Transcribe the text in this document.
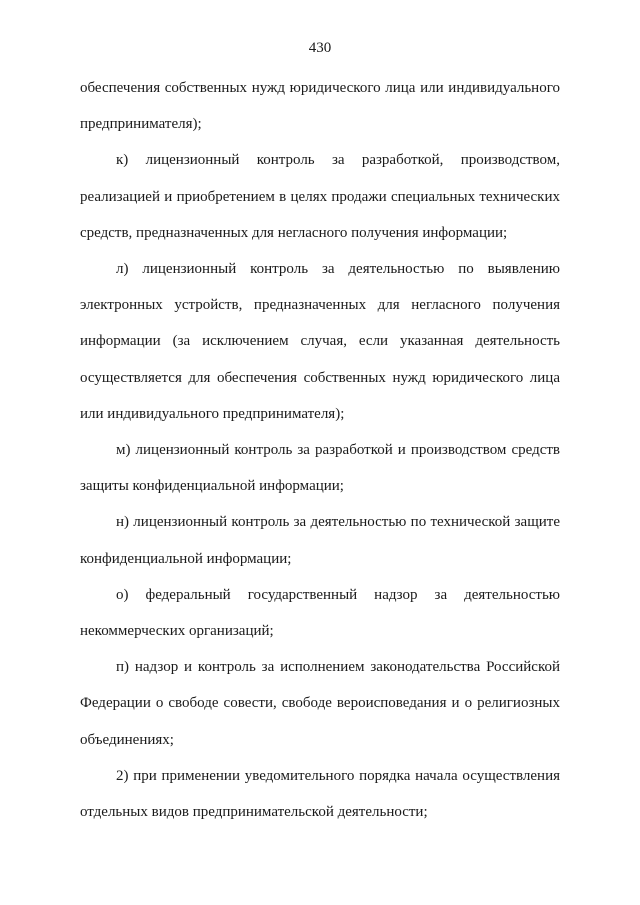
430

обеспечения собственных нужд юридического лица или индивидуального предпринимателя);

к) лицензионный контроль за разработкой, производством, реализацией и приобретением в целях продажи специальных технических средств, предназначенных для негласного получения информации;

л) лицензионный контроль за деятельностью по выявлению электронных устройств, предназначенных для негласного получения информации (за исключением случая, если указанная деятельность осуществляется для обеспечения собственных нужд юридического лица или индивидуального предпринимателя);

м) лицензионный контроль за разработкой и производством средств защиты конфиденциальной информации;

н) лицензионный контроль за деятельностью по технической защите конфиденциальной информации;

о) федеральный государственный надзор за деятельностью некоммерческих организаций;

п) надзор и контроль за исполнением законодательства Российской Федерации о свободе совести, свободе вероисповедания и о религиозных объединениях;

2) при применении уведомительного порядка начала осуществления отдельных видов предпринимательской деятельности;
